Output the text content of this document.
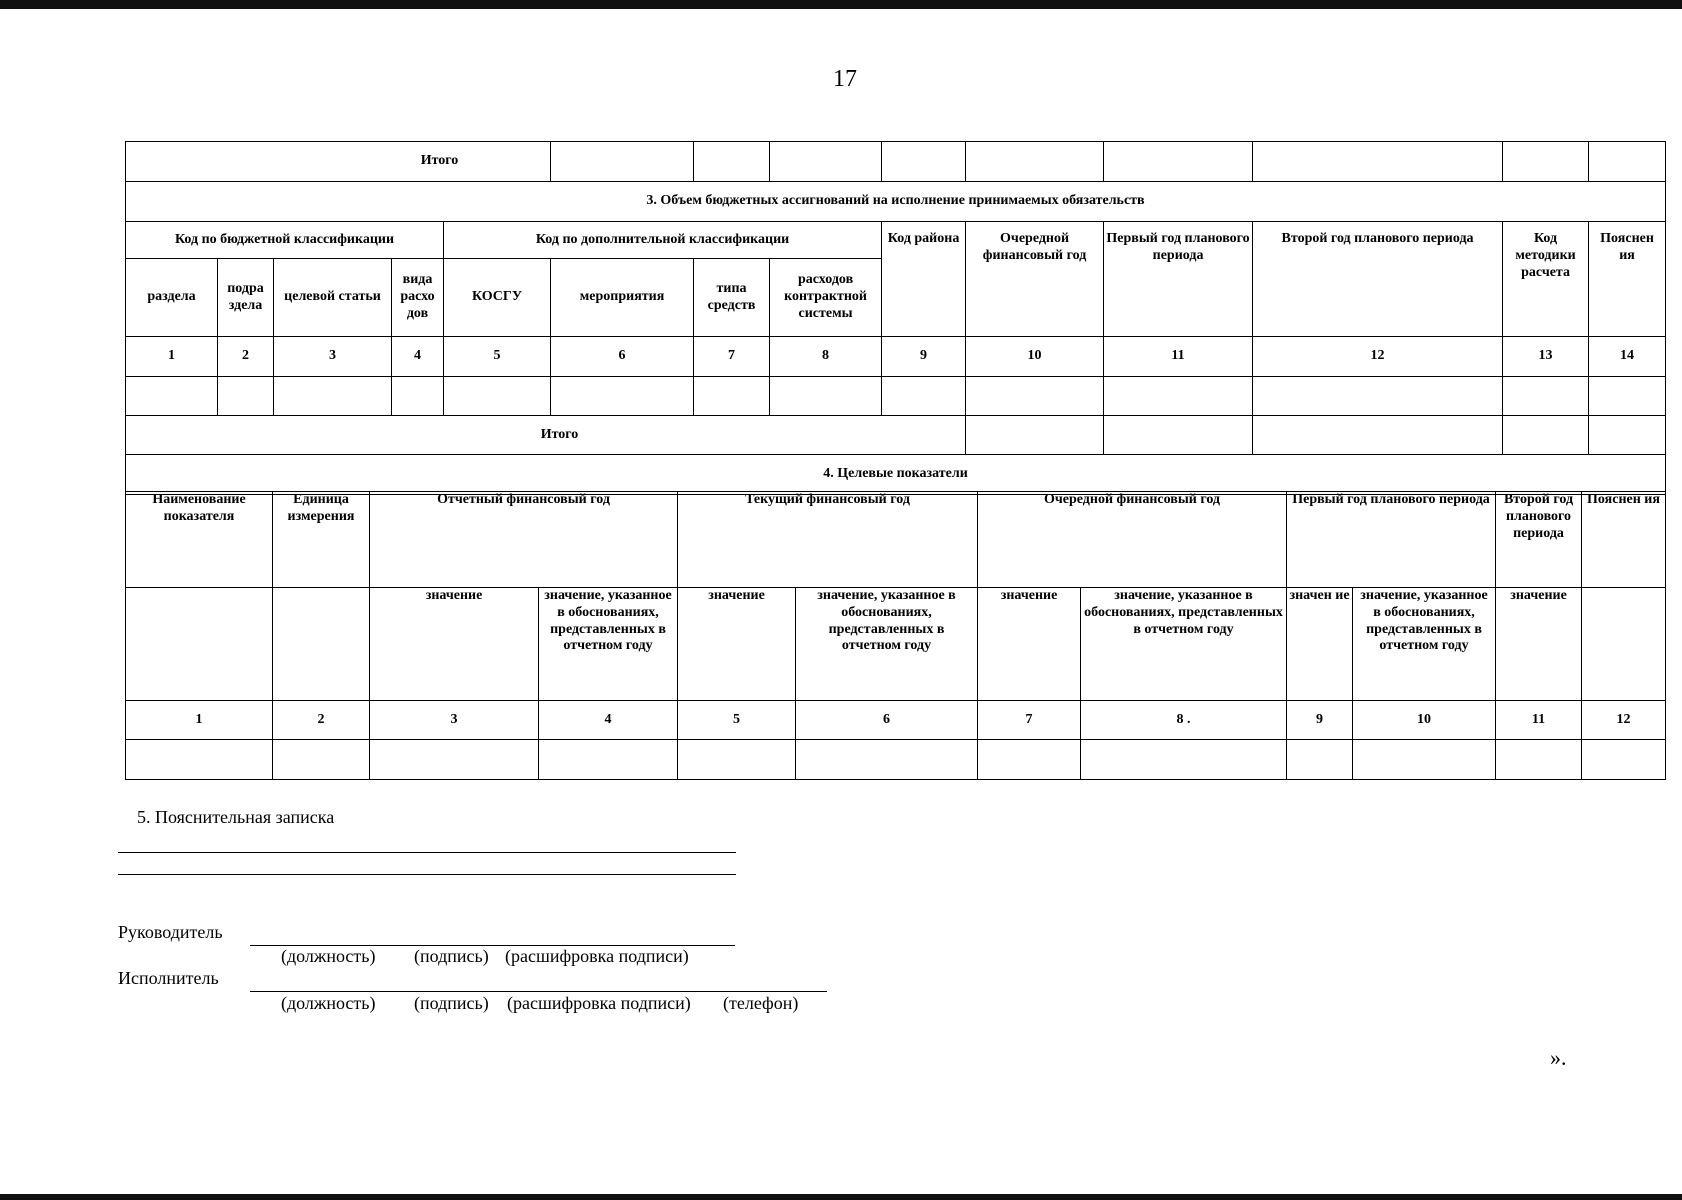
17
Итого													
3. Объем бюджетных ассигнований на исполнение принимаемых обязательств													
Код по бюджетной классификации				Код по дополнительной классификации				Код района	Очередной финансовый год	Первый год планового периода	Второй год планового периода	Код методики расчета	Пояснен ия
раздела	подра здела	целевой статьи	вида расхо дов	КОСГУ	мероприятия	типа средств	расходов контрактной системы						
1	2	3	4	5	6	7	8	9	10	11	12	13	14

Итого													
4. Целевые показатели													
Наименование показателя	Единица измерения	Отчетный финансовый год		Текущий финансовый год		Очередной финансовый год		Первый год планового периода		Второй год планового периода	Пояснен ия
		значение	значение, указанное в обоснованиях, представленных в отчетном году	значение	значение, указанное в обоснованиях, представленных в отчетном году	значение	значение, указанное в обоснованиях, представленных в отчетном году	значен ие	значение, указанное в обоснованиях, представленных в отчетном году	значение	
1	2	3	4	5	6	7	8 .	9	10	11	12

5. Пояснительная записка
Руководитель
(должность) (подпись) (расшифровка подписи)
Исполнитель
(должность) (подпись) (расшифровка подписи) (телефон)
».
